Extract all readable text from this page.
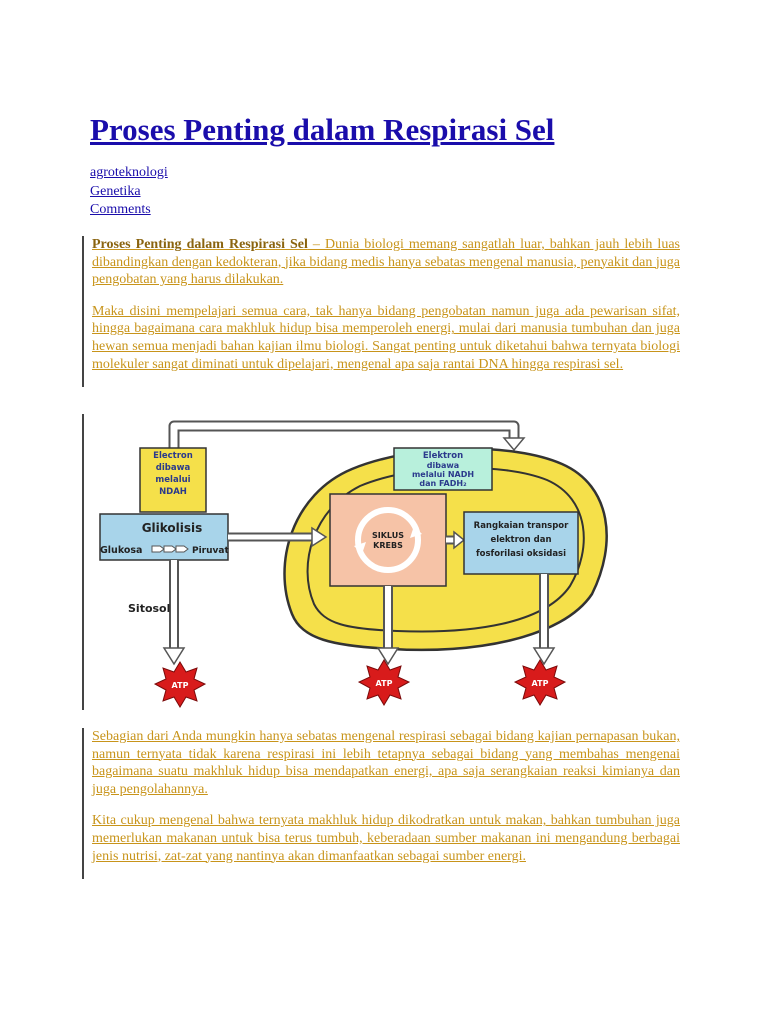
Proses Penting dalam Respirasi Sel
agroteknologi
Genetika
Comments

Proses Penting dalam Respirasi Sel – Dunia biologi memang sangatlah luar, bahkan jauh lebih luas dibandingkan dengan kedokteran, jika bidang medis hanya sebatas mengenal manusia, penyakit dan juga pengobatan yang harus dilakukan.

Maka disini mempelajari semua cara, tak hanya bidang pengobatan namun juga ada pewarisan sifat, hingga bagaimana cara makhluk hidup bisa memperoleh energi, mulai dari manusia tumbuhan dan juga hewan semua menjadi bahan kajian ilmu biologi. Sangat penting untuk diketahui bahwa ternyata biologi molekuler sangat diminati untuk dipelajari, mengenal apa saja rantai DNA hingga respirasi sel.

Electron
dibawa
melalui
NDAH
Elektron
dibawa
melalui NADH
dan FADH₂
Glikolisis
Glukosa	Piruvat
SIKLUS
KREBS
Rangkaian transpor
elektron dan
fosforilasi oksidasi
Sitosol
ATP	ATP	ATP

Sebagian dari Anda mungkin hanya sebatas mengenal respirasi sebagai bidang kajian pernapasan bukan, namun ternyata tidak karena respirasi ini lebih tetapnya sebagai bidang yang membahas mengenai bagaimana suatu makhluk hidup bisa mendapatkan energi, apa saja serangkaian reaksi kimianya dan juga pengolahannya.

Kita cukup mengenal bahwa ternyata makhluk hidup dikodratkan untuk makan, bahkan tumbuhan juga memerlukan makanan untuk bisa terus tumbuh, keberadaan sumber makanan ini mengandung berbagai jenis nutrisi, zat-zat yang nantinya akan dimanfaatkan sebagai sumber energi.
